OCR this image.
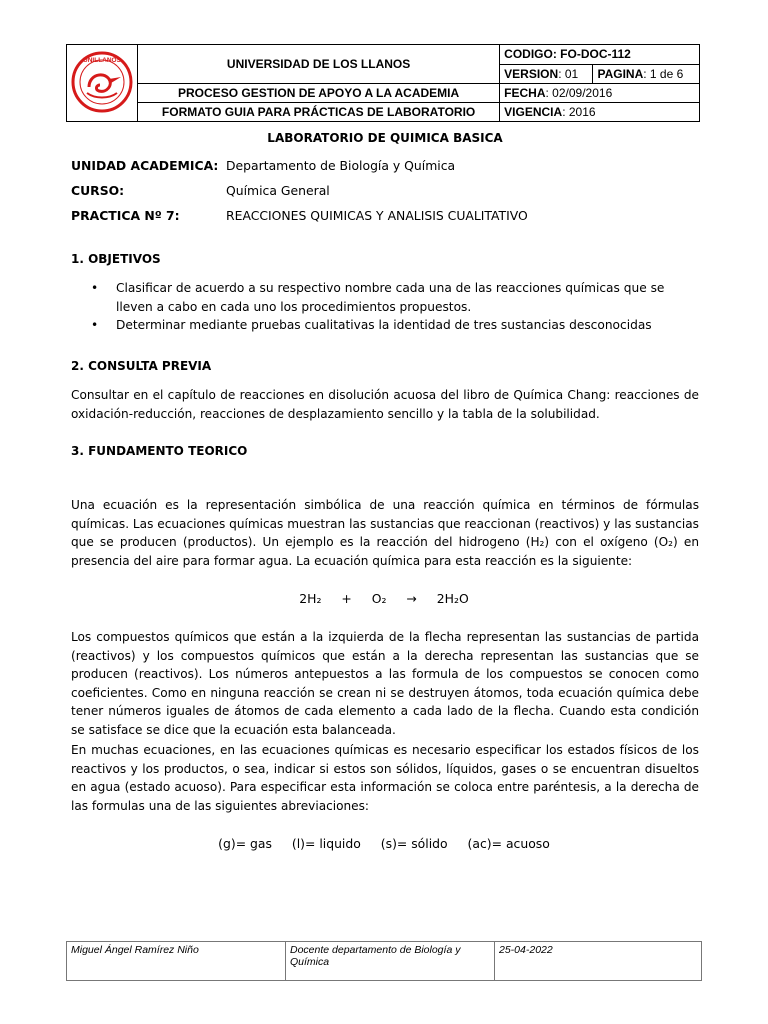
UNILLANOS	UNIVERSIDAD DE LOS LLANOS	CODIGO: FO-DOC-112	
		VERSION: 01	PAGINA: 1 de 6
	PROCESO GESTION DE APOYO A LA ACADEMIA	FECHA: 02/09/2016	
	FORMATO GUIA PARA PRÁCTICAS DE LABORATORIO	VIGENCIA: 2016	
LABORATORIO DE QUIMICA BASICA
UNIDAD ACADEMICA: Departamento de Biología y Química
CURSO:	Química General
PRACTICA Nº 7:	REACCIONES QUIMICAS Y ANALISIS CUALITATIVO
1. OBJETIVOS
• Clasificar de acuerdo a su respectivo nombre cada una de las reacciones químicas que se lleven a cabo en cada uno los procedimientos propuestos.
• Determinar mediante pruebas cualitativas la identidad de tres sustancias desconocidas
2. CONSULTA PREVIA
Consultar en el capítulo de reacciones en disolución acuosa del libro de Química Chang: reacciones de oxidación-reducción, reacciones de desplazamiento sencillo y la tabla de la solubilidad.
3. FUNDAMENTO TEORICO
Una ecuación es la representación simbólica de una reacción química en términos de fórmulas químicas. Las ecuaciones químicas muestran las sustancias que reaccionan (reactivos) y las sustancias que se producen (productos). Un ejemplo es la reacción del hidrogeno (H₂) con el oxígeno (O₂) en presencia del aire para formar agua. La ecuación química para esta reacción es la siguiente:
2H₂ + O₂ → 2H₂O
Los compuestos químicos que están a la izquierda de la flecha representan las sustancias de partida (reactivos) y los compuestos químicos que están a la derecha representan las sustancias que se producen (reactivos). Los números antepuestos a las formula de los compuestos se conocen como coeficientes. Como en ninguna reacción se crean ni se destruyen átomos, toda ecuación química debe tener números iguales de átomos de cada elemento a cada lado de la flecha. Cuando esta condición se satisface se dice que la ecuación esta balanceada.
En muchas ecuaciones, en las ecuaciones químicas es necesario especificar los estados físicos de los reactivos y los productos, o sea, indicar si estos son sólidos, líquidos, gases o se encuentran disueltos en agua (estado acuoso). Para especificar esta información se coloca entre paréntesis, a la derecha de las formulas una de las siguientes abreviaciones:
(g)= gas (l)= liquido (s)= sólido (ac)= acuoso
Miguel Ángel Ramírez Niño	Docente departamento de Biología y Química	25-04-2022
